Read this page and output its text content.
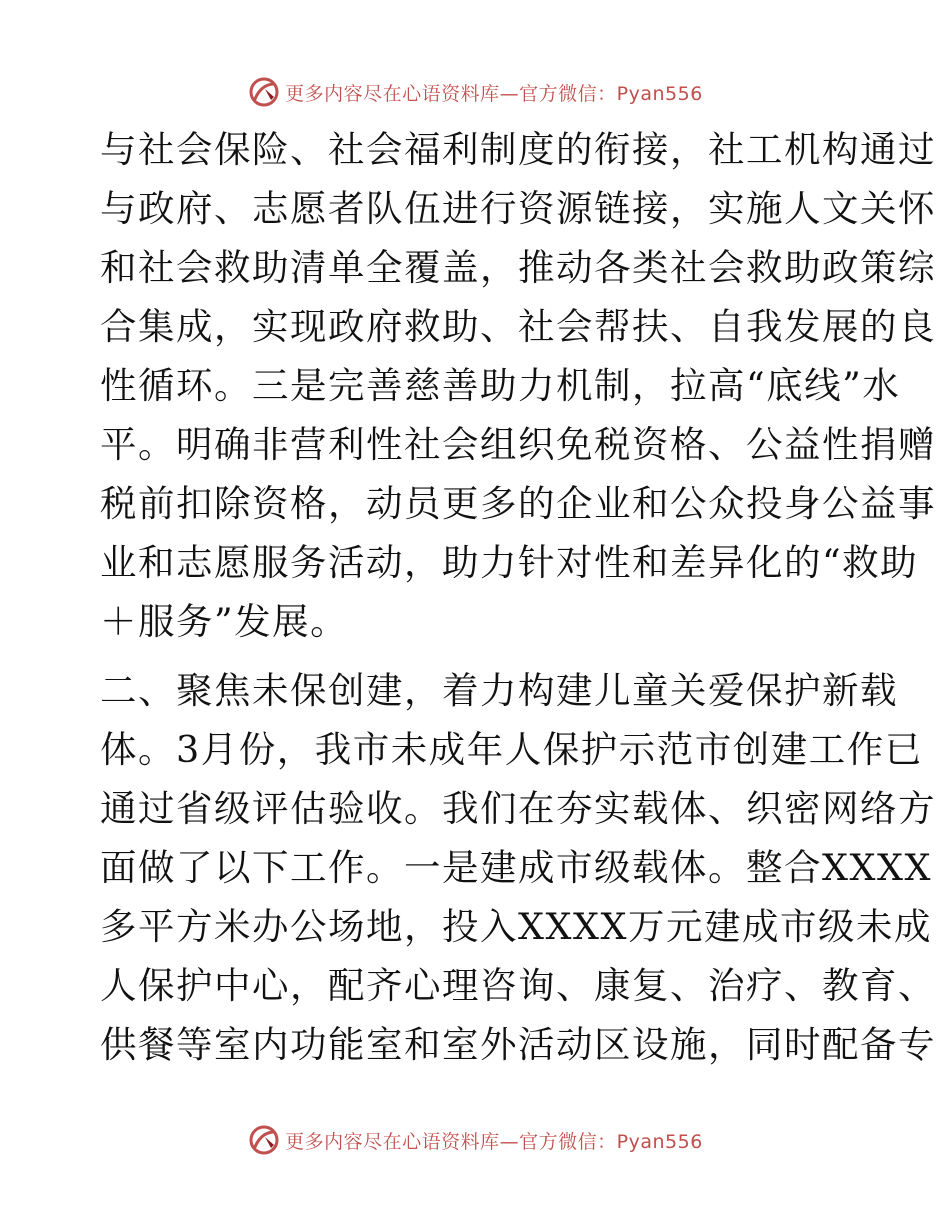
更多内容尽在心语资料库—官方微信：Pyan556

与社会保险、社会福利制度的衔接，社工机构通过
与政府、志愿者队伍进行资源链接，实施人文关怀
和社会救助清单全覆盖，推动各类社会救助政策综
合集成，实现政府救助、社会帮扶、自我发展的良
性循环。三是完善慈善助力机制，拉高“底线”水
平。明确非营利性社会组织免税资格、公益性捐赠
税前扣除资格，动员更多的企业和公众投身公益事
业和志愿服务活动，助力针对性和差异化的“救助
＋服务”发展。

二、聚焦未保创建，着力构建儿童关爱保护新载
体。3月份，我市未成年人保护示范市创建工作已
通过省级评估验收。我们在夯实载体、织密网络方
面做了以下工作。一是建成市级载体。整合XXXX
多平方米办公场地，投入XXXX万元建成市级未成
人保护中心，配齐心理咨询、康复、治疗、教育、
供餐等室内功能室和室外活动区设施，同时配备专

更多内容尽在心语资料库—官方微信：Pyan556
